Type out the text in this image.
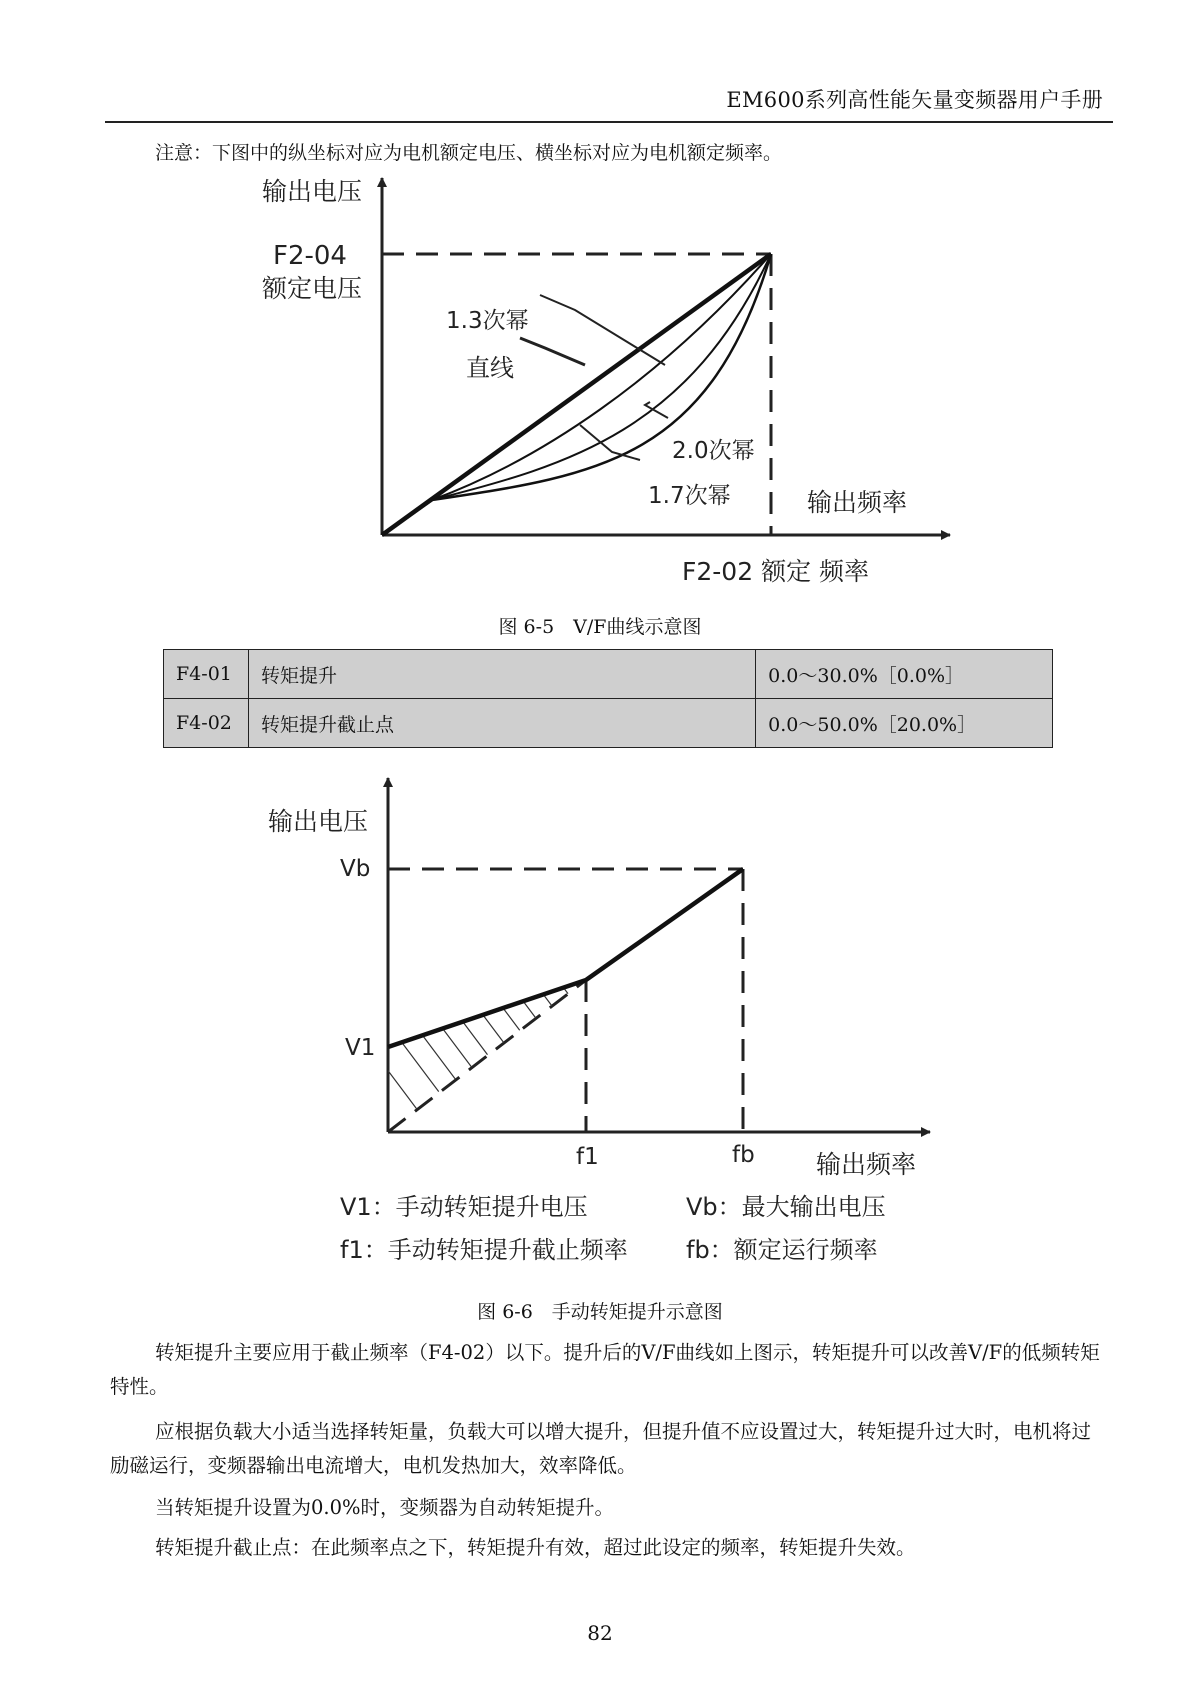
EM600系列高性能矢量变频器用户手册
注意：下图中的纵坐标对应为电机额定电压、横坐标对应为电机额定频率。
输出电压
F2-04
额定电压
1.3次幂
直线
2.0次幂
1.7次幂	输出频率
F2-02 额定 频率
图 6-5　V/F曲线示意图
F4-01	转矩提升	0.0～30.0%［0.0%］
F4-02	转矩提升截止点	0.0～50.0%［20.0%］
输出电压
Vb
V1
f1	fb 输出频率
V1：手动转矩提升电压	Vb：最大输出电压
f1：手动转矩提升截止频率 fb：额定运行频率
图 6-6　手动转矩提升示意图

转矩提升主要应用于截止频率（F4-02）以下。提升后的V/F曲线如上图示，转矩提升可以改善V/F的低频转矩特性。

应根据负载大小适当选择转矩量，负载大可以增大提升，但提升值不应设置过大，转矩提升过大时，电机将过励磁运行，变频器输出电流增大，电机发热加大，效率降低。

当转矩提升设置为0.0%时，变频器为自动转矩提升。

转矩提升截止点：在此频率点之下，转矩提升有效，超过此设定的频率，转矩提升失效。

82
